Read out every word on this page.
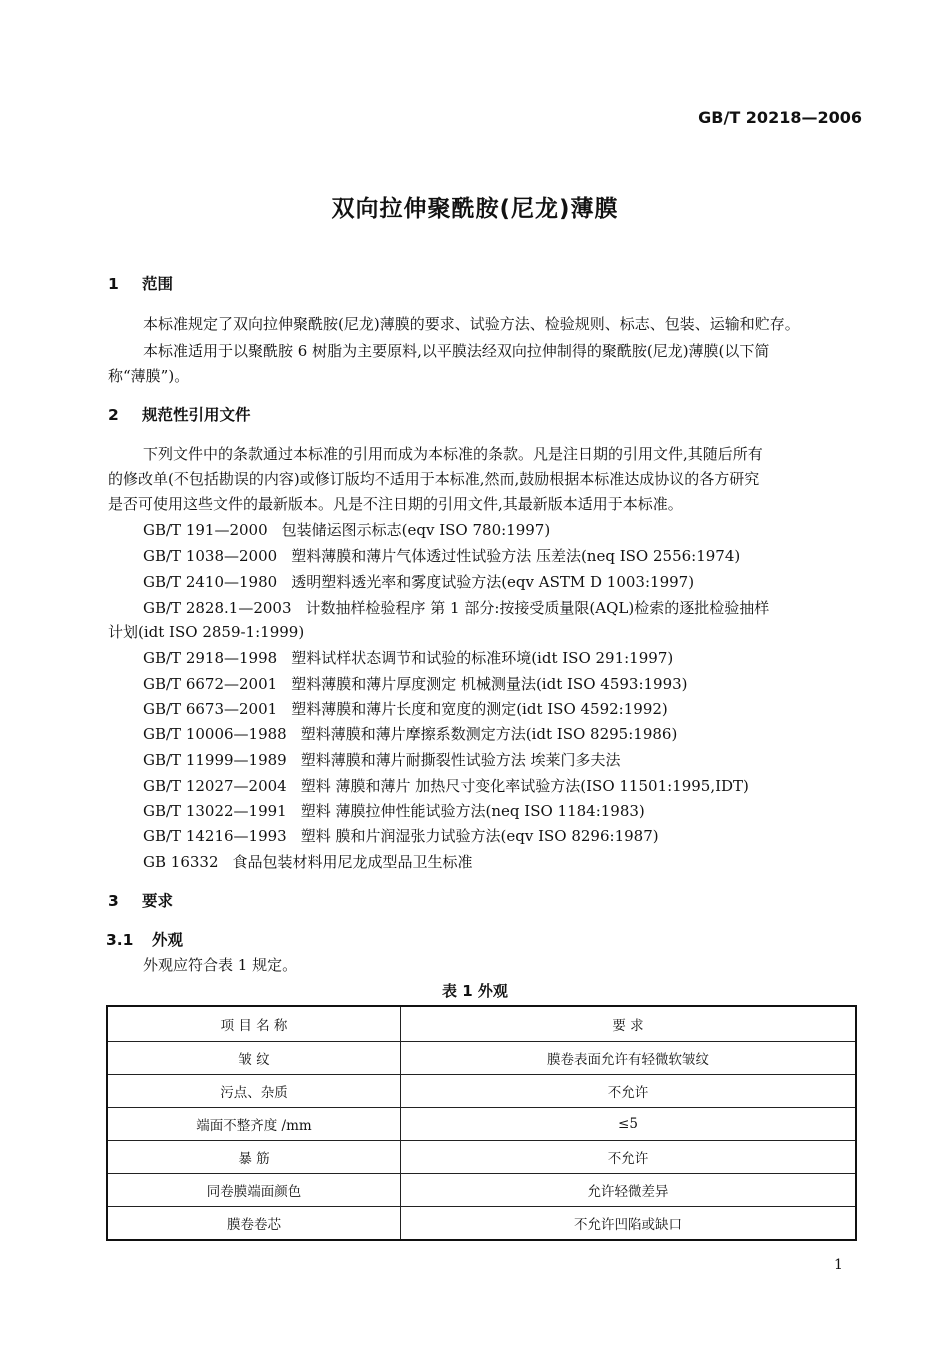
GB/T 20218—2006
双向拉伸聚酰胺(尼龙)薄膜
1 范围
本标准规定了双向拉伸聚酰胺(尼龙)薄膜的要求、试验方法、检验规则、标志、包装、运输和贮存。
本标准适用于以聚酰胺 6 树脂为主要原料,以平膜法经双向拉伸制得的聚酰胺(尼龙)薄膜(以下简
称“薄膜”)。
2 规范性引用文件
下列文件中的条款通过本标准的引用而成为本标准的条款。凡是注日期的引用文件,其随后所有
的修改单(不包括勘误的内容)或修订版均不适用于本标准,然而,鼓励根据本标准达成协议的各方研究
是否可使用这些文件的最新版本。凡是不注日期的引用文件,其最新版本适用于本标准。
GB/T 191—2000 包装储运图示标志(eqv ISO 780:1997)
GB/T 1038—2000 塑料薄膜和薄片气体透过性试验方法 压差法(neq ISO 2556:1974)
GB/T 2410—1980 透明塑料透光率和雾度试验方法(eqv ASTM D 1003:1997)
GB/T 2828.1—2003 计数抽样检验程序 第 1 部分:按接受质量限(AQL)检索的逐批检验抽样
计划(idt ISO 2859-1:1999)
GB/T 2918—1998 塑料试样状态调节和试验的标准环境(idt ISO 291:1997)
GB/T 6672—2001 塑料薄膜和薄片厚度测定 机械测量法(idt ISO 4593:1993)
GB/T 6673—2001 塑料薄膜和薄片长度和宽度的测定(idt ISO 4592:1992)
GB/T 10006—1988 塑料薄膜和薄片摩擦系数测定方法(idt ISO 8295:1986)
GB/T 11999—1989 塑料薄膜和薄片耐撕裂性试验方法 埃莱门多夫法
GB/T 12027—2004 塑料 薄膜和薄片 加热尺寸变化率试验方法(ISO 11501:1995,IDT)
GB/T 13022—1991 塑料 薄膜拉伸性能试验方法(neq ISO 1184:1983)
GB/T 14216—1993 塑料 膜和片润湿张力试验方法(eqv ISO 8296:1987)
GB 16332 食品包装材料用尼龙成型品卫生标准
3 要求
3.1 外观
外观应符合表 1 规定。
表 1 外观
项 目 名 称	要 求
皱 纹	膜卷表面允许有轻微软皱纹
污点、杂质	不允许
端面不整齐度 /mm	≤5
暴 筋	不允许
同卷膜端面颜色	允许轻微差异
膜卷卷芯	不允许凹陷或缺口
1
